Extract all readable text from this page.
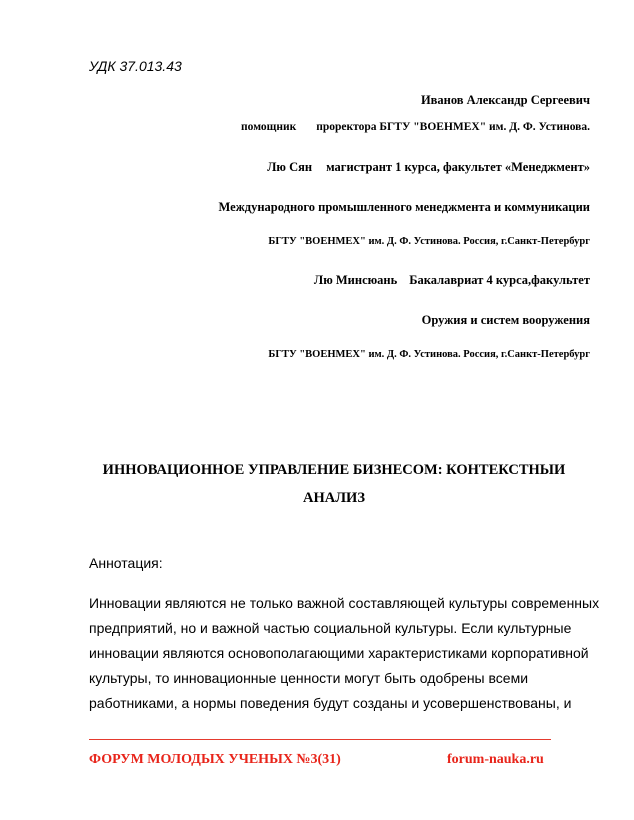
УДК 37.013.43
Иванов Александр Сергеевич
помощник проректора БГТУ "ВОЕНМЕХ" им. Д. Ф. Устинова.
Лю Сян магистрант 1 курса, факультет «Менеджмент»
Международного промышленного менеджмента и коммуникации
БГТУ "ВОЕНМЕХ" им. Д. Ф. Устинова. Россия, г.Санкт-Петербург
Лю Минсюань Бакалавриат 4 курса,факультет
Оружия и систем вооружения
БГТУ "ВОЕНМЕХ" им. Д. Ф. Устинова. Россия, г.Санкт-Петербург
ИННОВАЦИОННОЕ УПРАВЛЕНИЕ БИЗНЕСОМ: КОНТЕКСТНЫИ
АНАЛИЗ
Аннотация:
Инновации являются не только важной составляющей культуры современных
предприятий, но и важной частью социальной культуры. Если культурные
инновации являются основополагающими характеристиками корпоративной
культуры, то инновационные ценности могут быть одобрены всеми
работниками, а нормы поведения будут созданы и усовершенствованы, и
ФОРУМ МОЛОДЫХ УЧЕНЫХ №3(31)	forum-nauka.ru
